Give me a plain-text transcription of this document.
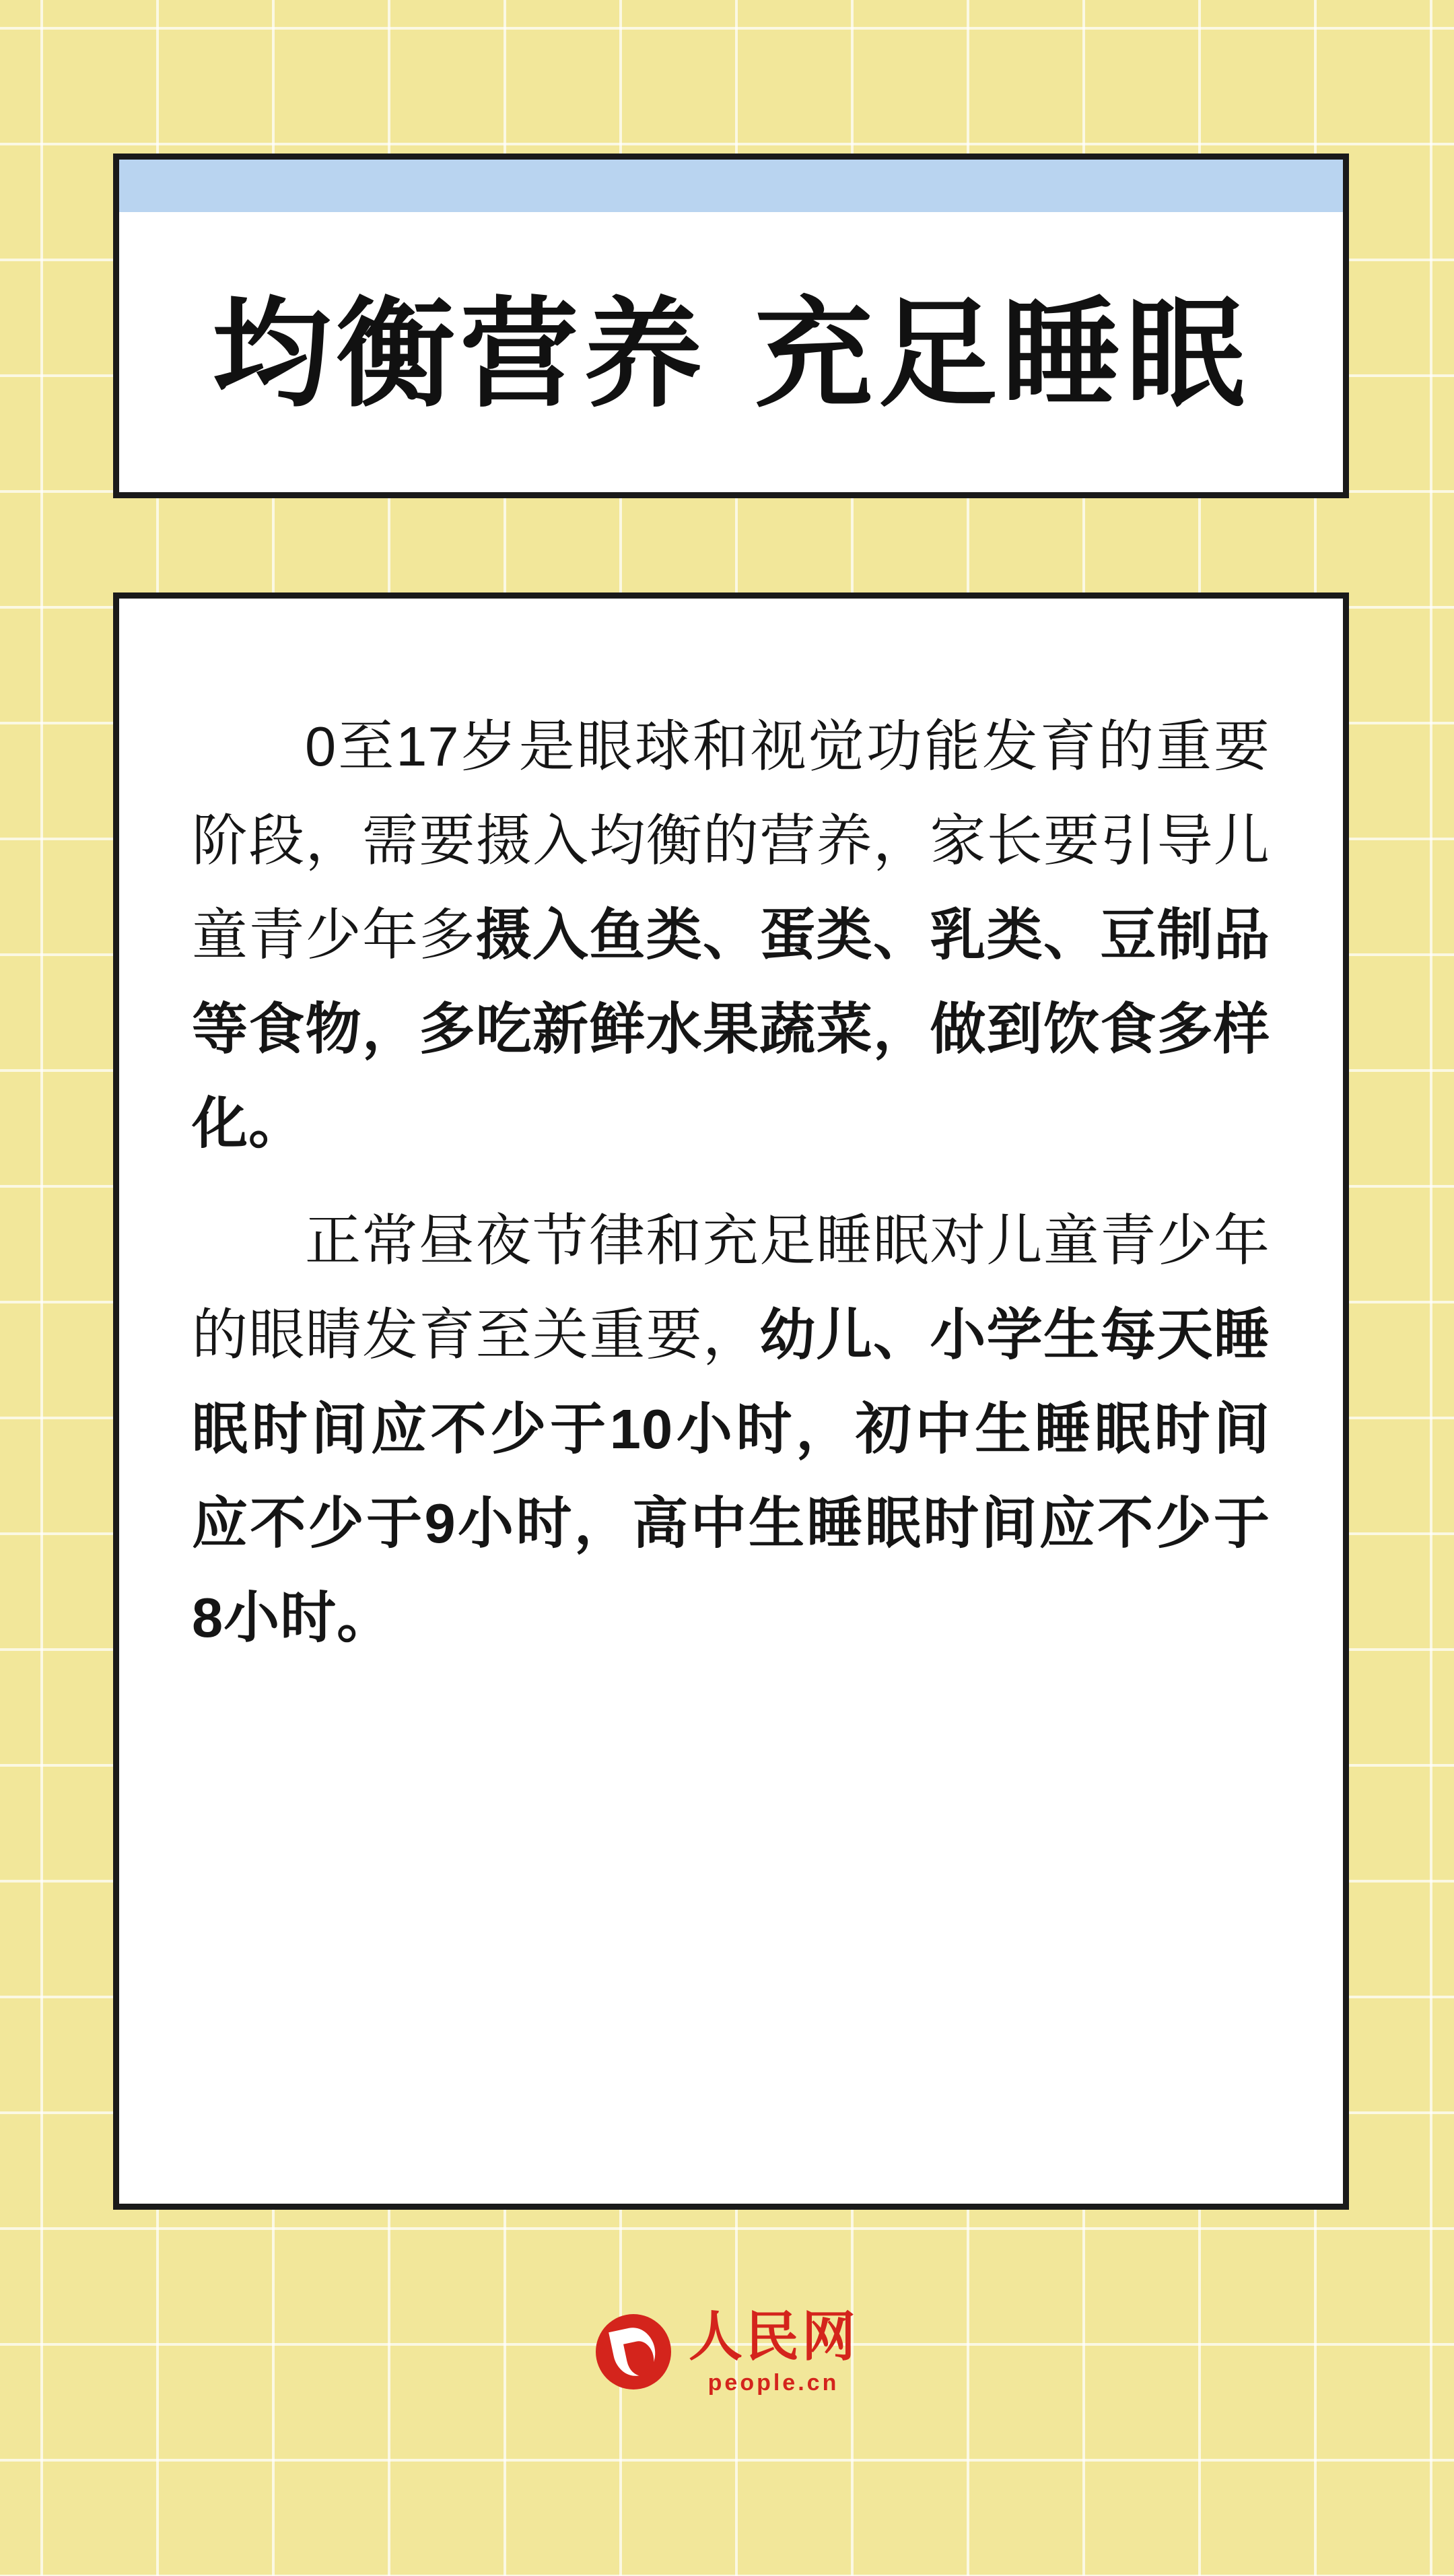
均衡营养 充足睡眠

0至17岁是眼球和视觉功能发育的重要阶段，需要摄入均衡的营养，家长要引导儿童青少年多摄入鱼类、蛋类、乳类、豆制品等食物，多吃新鲜水果蔬菜，做到饮食多样化。

正常昼夜节律和充足睡眠对儿童青少年的眼睛发育至关重要，幼儿、小学生每天睡眠时间应不少于10小时，初中生睡眠时间应不少于9小时，高中生睡眠时间应不少于8小时。

人民网
people.cn
